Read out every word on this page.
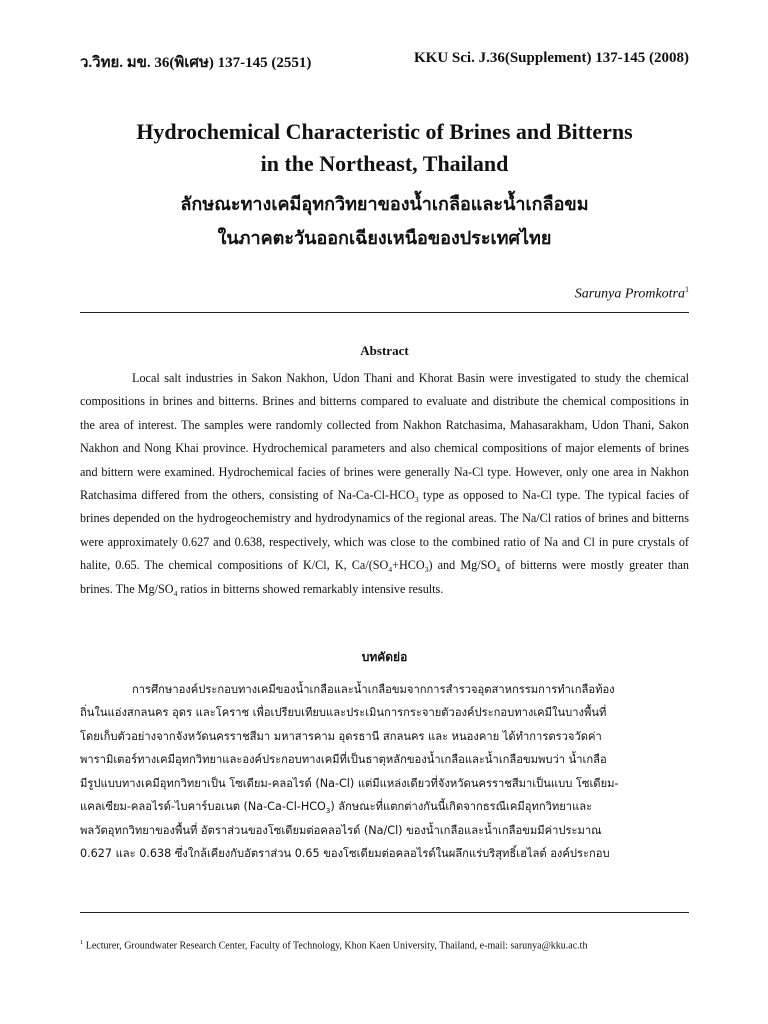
ว.วิทย. มข. 36(พิเศษ) 137-145 (2551)	KKU Sci. J.36(Supplement) 137-145 (2008)

Hydrochemical Characteristic of Brines and Bitterns

in the Northeast, Thailand

ลักษณะทางเคมีอุทกวิทยาของน้ำเกลือและน้ำเกลือขม

ในภาคตะวันออกเฉียงเหนือของประเทศไทย

Sarunya Promkotra$^1$
Abstract

Local salt industries in Sakon Nakhon, Udon Thani and Khorat Basin were investigated to study the chemical compositions in brines and bitterns. Brines and bitterns compared to evaluate and distribute the chemical compositions in the area of interest. The samples were randomly collected from Nakhon Ratchasima, Mahasarakham, Udon Thani, Sakon Nakhon and Nong Khai province. Hydrochemical parameters and also chemical compositions of major elements of brines and bittern were examined. Hydrochemical facies of brines were generally Na-Cl type. However, only one area in Nakhon Ratchasima differed from the others, consisting of $Na-Ca-Cl-HCO_3$ type as opposed to Na-Cl type. The typical facies of brines depended on the hydrogeochemistry and hydrodynamics of the regional areas. The Na/Cl ratios of brines and bitterns were approximately 0.627 and 0.638, respectively, which was close to the combined ratio of Na and Cl in pure crystals of halite, 0.65. The chemical compositions of K/Cl, K, $Ca/(SO_4+HCO_3)$ and $Mg/SO_4$ of bitterns were mostly greater than brines. The $Mg/SO_4$ ratios in bitterns showed remarkably intensive results.

บทคัดย่อ
การศึกษาองค์ประกอบทางเคมีของน้ำเกลือและน้ำเกลือขมจากการสำรวจอุตสาหกรรมการทำเกลือท้อง
ถิ่นในแอ่งสกลนคร อุดร และโคราช เพื่อเปรียบเทียบและประเมินการกระจายตัวองค์ประกอบทางเคมีในบางพื้นที่
โดยเก็บตัวอย่างจากจังหวัดนครราชสีมา มหาสารคาม อุดรธานี สกลนคร และ หนองคาย ได้ทำการตรวจวัดค่า
พารามิเตอร์ทางเคมีอุทกวิทยาและองค์ประกอบทางเคมีที่เป็นธาตุหลักของน้ำเกลือและน้ำเกลือขมพบว่า น้ำเกลือ
มีรูปแบบทางเคมีอุทกวิทยาเป็น โซเดียม-คลอไรด์ (Na-Cl) แต่มีแหล่งเดียวที่จังหวัดนครราชสีมาเป็นแบบ โซเดียม-
แคลเซียม-คลอไรด์-ไบคาร์บอเนต $(Na-Ca-Cl-HCO_3)$ ลักษณะที่แตกต่างกันนี้เกิดจากธรณีเคมีอุทกวิทยาและ
พลวัตอุทกวิทยาของพื้นที่ อัตราส่วนของโซเดียมต่อคลอไรด์ (Na/Cl) ของน้ำเกลือและน้ำเกลือขมมีค่าประมาณ
0.627 และ 0.638 ซึ่งใกล้เคียงกับอัตราส่วน 0.65 ของโซเดียมต่อคลอไรด์ในผลึกแร่บริสุทธิ์เฮไลต์ องค์ประกอบ
$^1$ Lecturer, Groundwater Research Center, Faculty of Technology, Khon Kaen University, Thailand, e-mail: sarunya@kku.ac.th
